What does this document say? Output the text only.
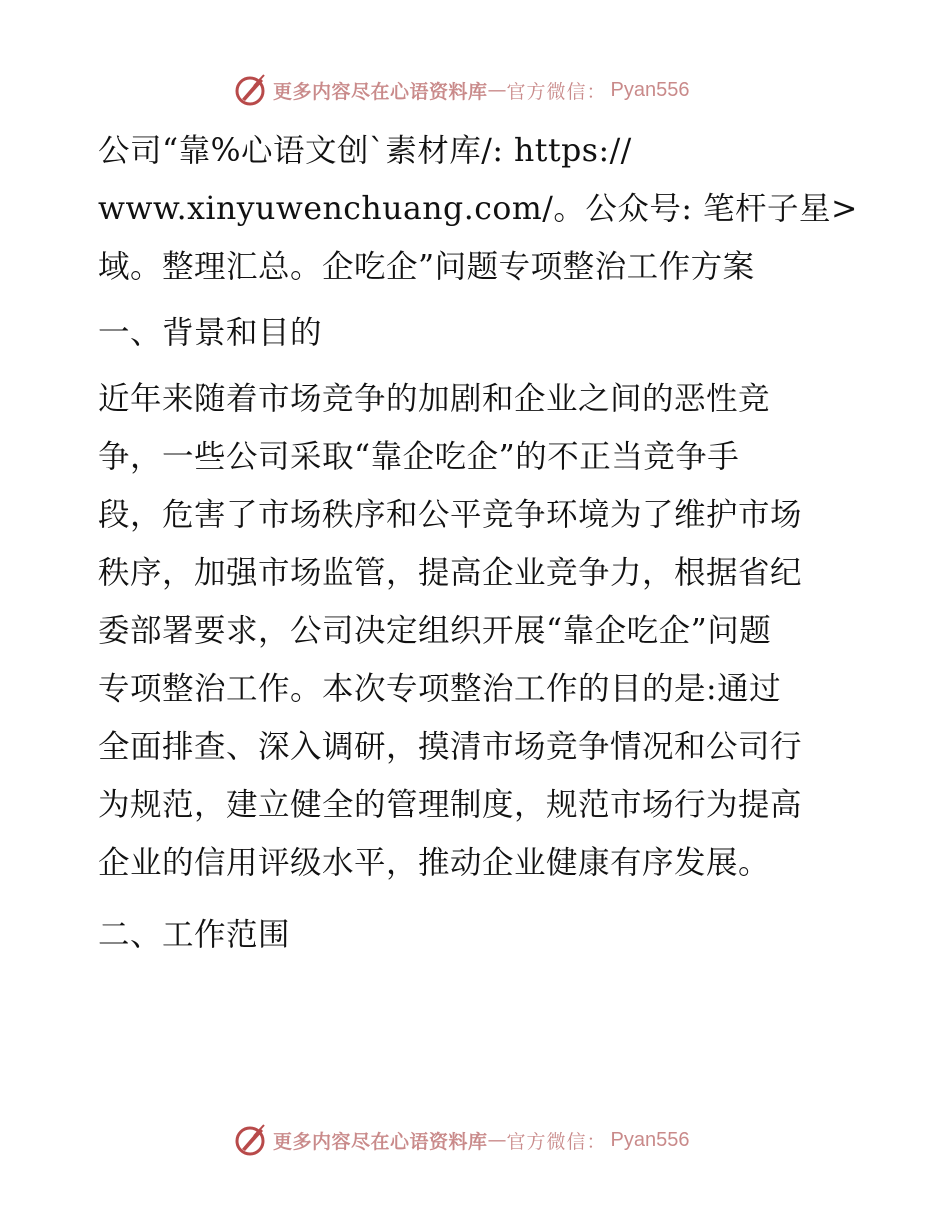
更多内容尽在心语资料库 — 官方微信： Pyan556
公司“靠%心语文创`素材库/: https://
www.xinyuwenchuang.com/。公众号: 笔杆子星>
域。整理汇总。企吃企”问题专项整治工作方案
一、背景和目的
近年来随着市场竞争的加剧和企业之间的恶性竞
争，一些公司采取“靠企吃企”的不正当竞争手
段，危害了市场秩序和公平竞争环境为了维护市场
秩序，加强市场监管，提高企业竞争力，根据省纪
委部署要求，公司决定组织开展“靠企吃企”问题
专项整治工作。本次专项整治工作的目的是:通过
全面排查、深入调研，摸清市场竞争情况和公司行
为规范，建立健全的管理制度，规范市场行为提高
企业的信用评级水平，推动企业健康有序发展。
二、工作范围
更多内容尽在心语资料库 — 官方微信： Pyan556
